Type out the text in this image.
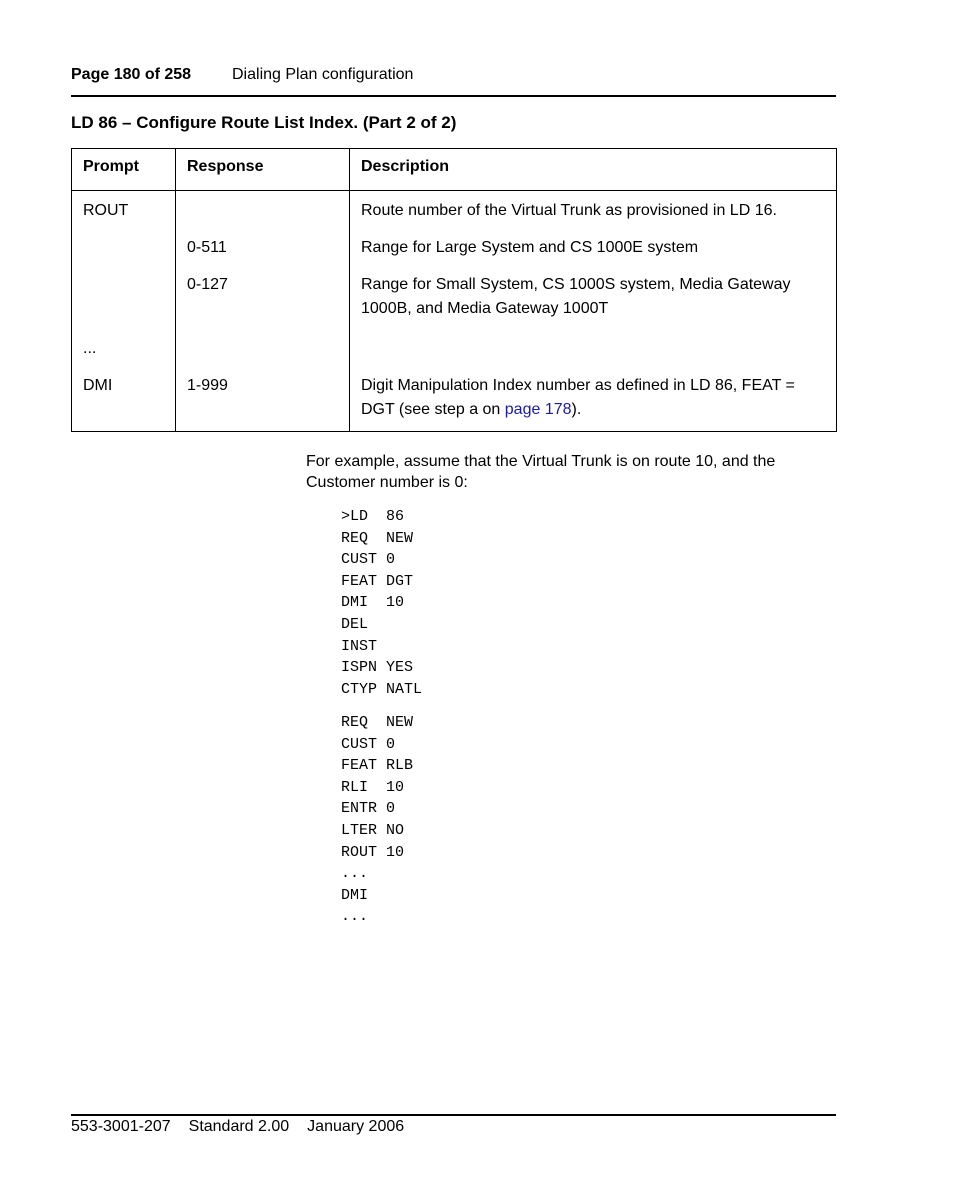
Page 180 of 258	Dialing Plan configuration
LD 86 – Configure Route List Index. (Part 2 of 2)
Prompt	Response	Description
ROUT		Route number of the Virtual Trunk as provisioned in LD 16.
	0-511	Range for Large System and CS 1000E system
	0-127	Range for Small System, CS 1000S system, Media Gateway 1000B, and Media Gateway 1000T
...		
DMI	1-999	Digit Manipulation Index number as defined in LD 86, FEAT = DGT (see step a on page 178).
For example, assume that the Virtual Trunk is on route 10, and the Customer number is 0:
>LD  86
REQ  NEW
CUST 0
FEAT DGT
DMI  10
DEL
INST
ISPN YES
CTYP NATL
REQ  NEW
CUST 0
FEAT RLB
RLI  10
ENTR 0
LTER NO
ROUT 10
...
DMI
...
553-3001-207 Standard 2.00 January 2006
